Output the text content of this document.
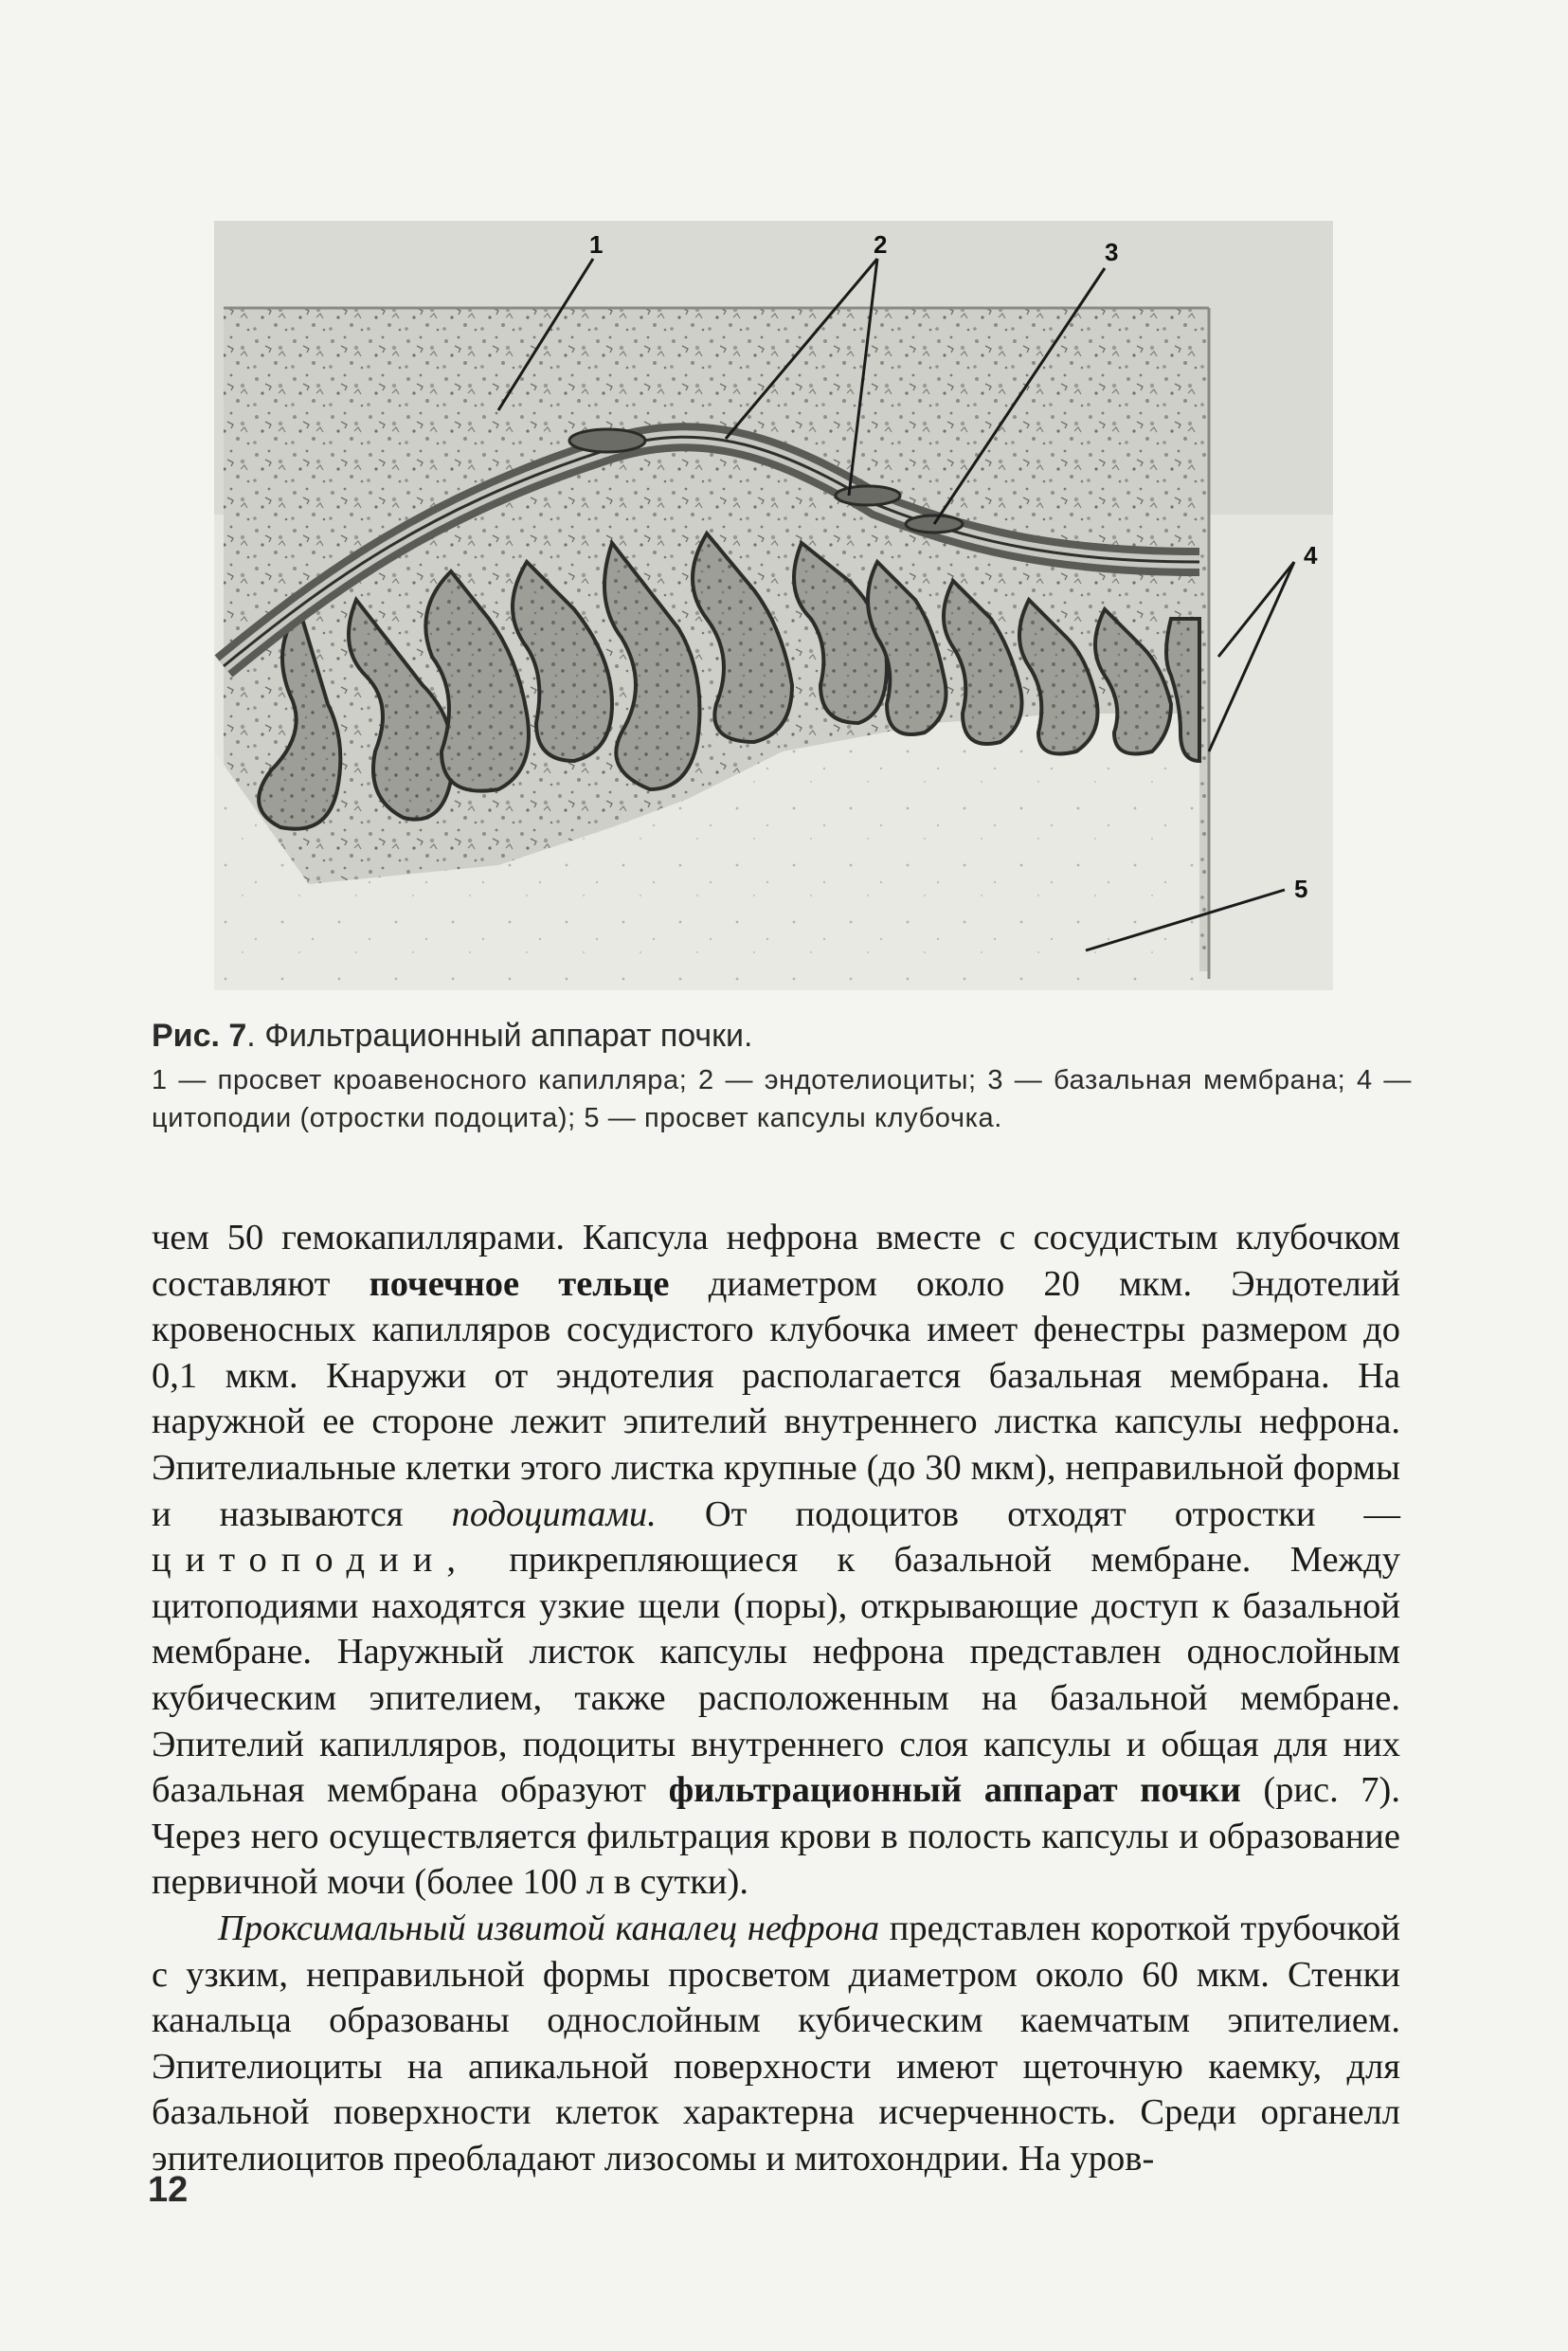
1	2	3
4
5

Рис. 7. Фильтрационный аппарат почки.

1 — просвет кроавеносного капилляра; 2 — эндотелиоциты; 3 — базальная мембрана; 4 — цитоподии (отростки подоцита); 5 — просвет капсулы клубочка.

чем 50 гемокапиллярами. Капсула нефрона вместе с сосудистым клубочком составляют почечное тельце диаметром около 20 мкм. Эндотелий кровеносных капилляров сосудистого клубочка имеет фенестры размером до 0,1 мкм. Кнаружи от эндотелия располагается базальная мембрана. На наружной ее стороне лежит эпителий внутреннего листка капсулы нефрона. Эпителиальные клетки этого листка крупные (до 30 мкм), неправильной формы и называются подоцитами. От подоцитов отходят отростки — цитоподии, прикрепляющиеся к базальной мембране. Между цитоподиями находятся узкие щели (поры), открывающие доступ к базальной мембране. Наружный листок капсулы нефрона представлен однослойным кубическим эпителием, также расположенным на базальной мембране. Эпителий капилляров, подоциты внутреннего слоя капсулы и общая для них базальная мембрана образуют фильтрационный аппарат почки (рис. 7). Через него осуществляется фильтрация крови в полость капсулы и образование первичной мочи (более 100 л в сутки).

Проксимальный извитой каналец нефрона представлен короткой трубочкой с узким, неправильной формы просветом диаметром около 60 мкм. Стенки канальца образованы однослойным кубическим каемчатым эпителием. Эпителиоциты на апикальной поверхности имеют щеточную каемку, для базальной поверхности клеток характерна исчерченность. Среди органелл эпителиоцитов преобладают лизосомы и митохондрии. На уров-

12
